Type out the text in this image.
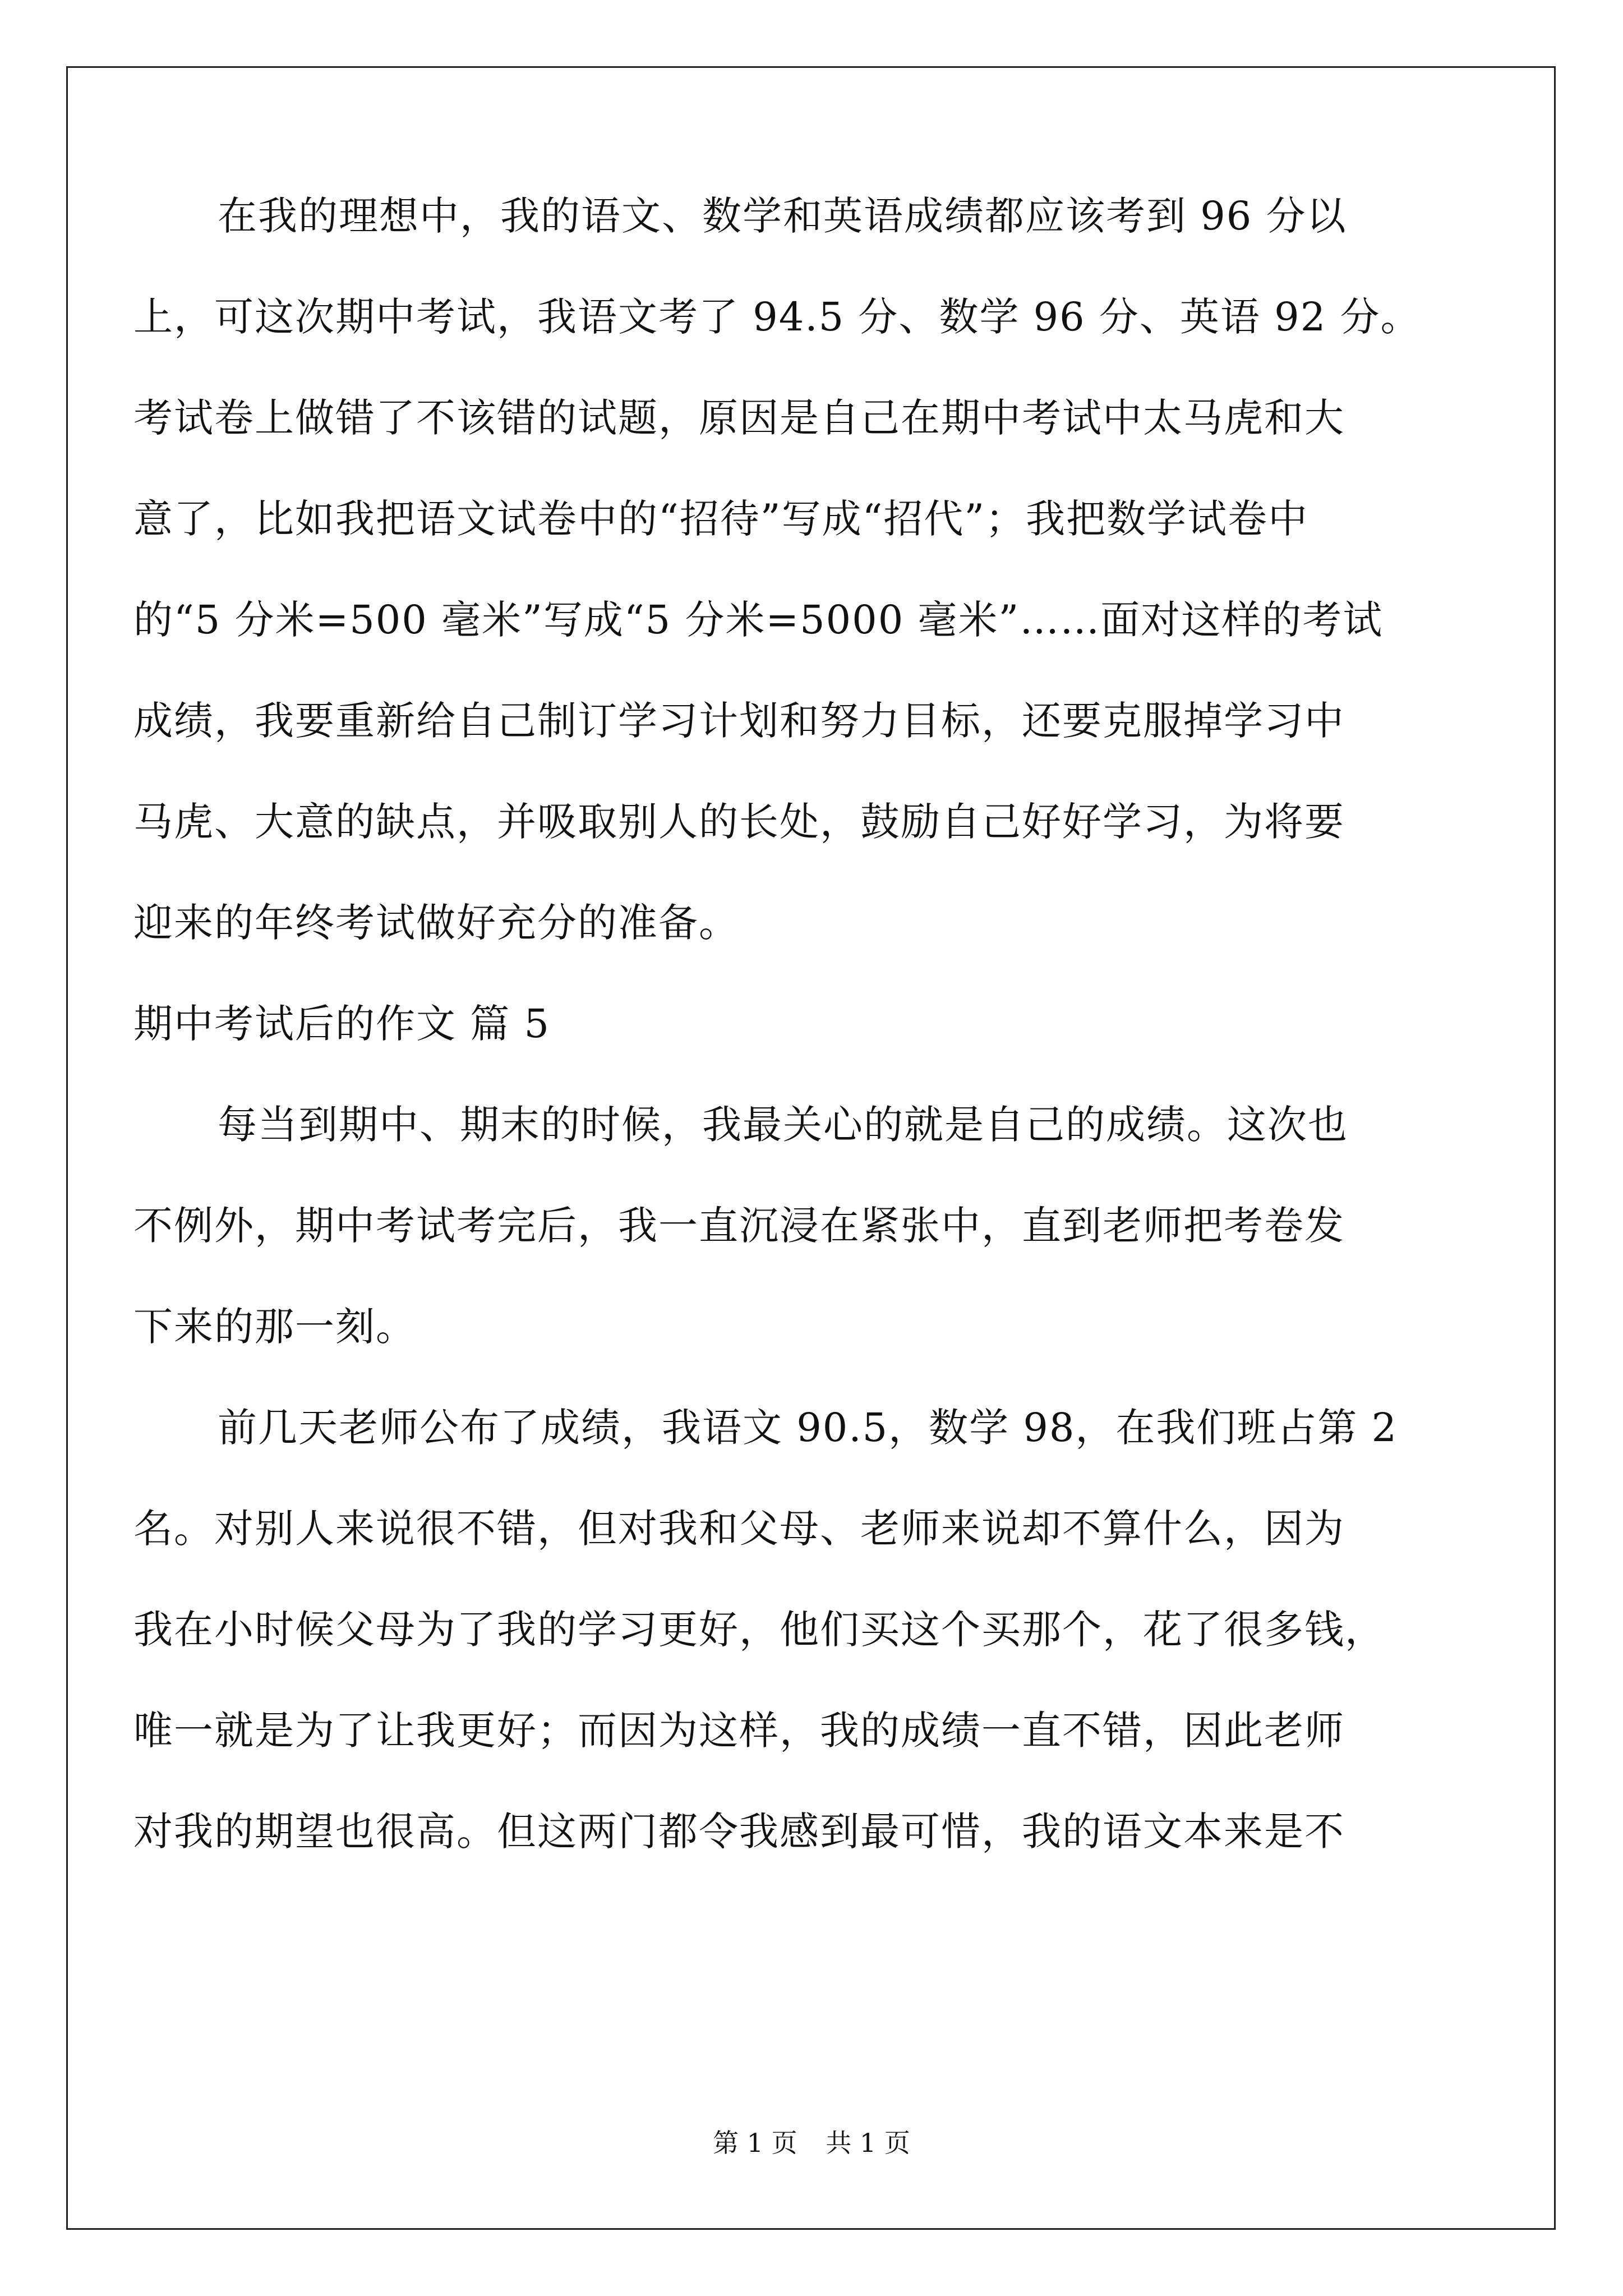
在我的理想中，我的语文、数学和英语成绩都应该考到 96 分以
上，可这次期中考试，我语文考了 94.5 分、数学 96 分、英语 92 分。
考试卷上做错了不该错的试题，原因是自己在期中考试中太马虎和大
意了，比如我把语文试卷中的“招待”写成“招代”；我把数学试卷中
的“5 分米=500 毫米”写成“5 分米=5000 毫米”……面对这样的考试
成绩，我要重新给自己制订学习计划和努力目标，还要克服掉学习中
马虎、大意的缺点，并吸取别人的长处，鼓励自己好好学习，为将要
迎来的年终考试做好充分的准备。
期中考试后的作文 篇 5
每当到期中、期末的时候，我最关心的就是自己的成绩。这次也
不例外，期中考试考完后，我一直沉浸在紧张中，直到老师把考卷发
下来的那一刻。
前几天老师公布了成绩，我语文 90.5，数学 98，在我们班占第 2
名。对别人来说很不错，但对我和父母、老师来说却不算什么，因为
我在小时候父母为了我的学习更好，他们买这个买那个，花了很多钱，
唯一就是为了让我更好；而因为这样，我的成绩一直不错，因此老师
对我的期望也很高。但这两门都令我感到最可惜，我的语文本来是不
第 1 页 共 1 页
